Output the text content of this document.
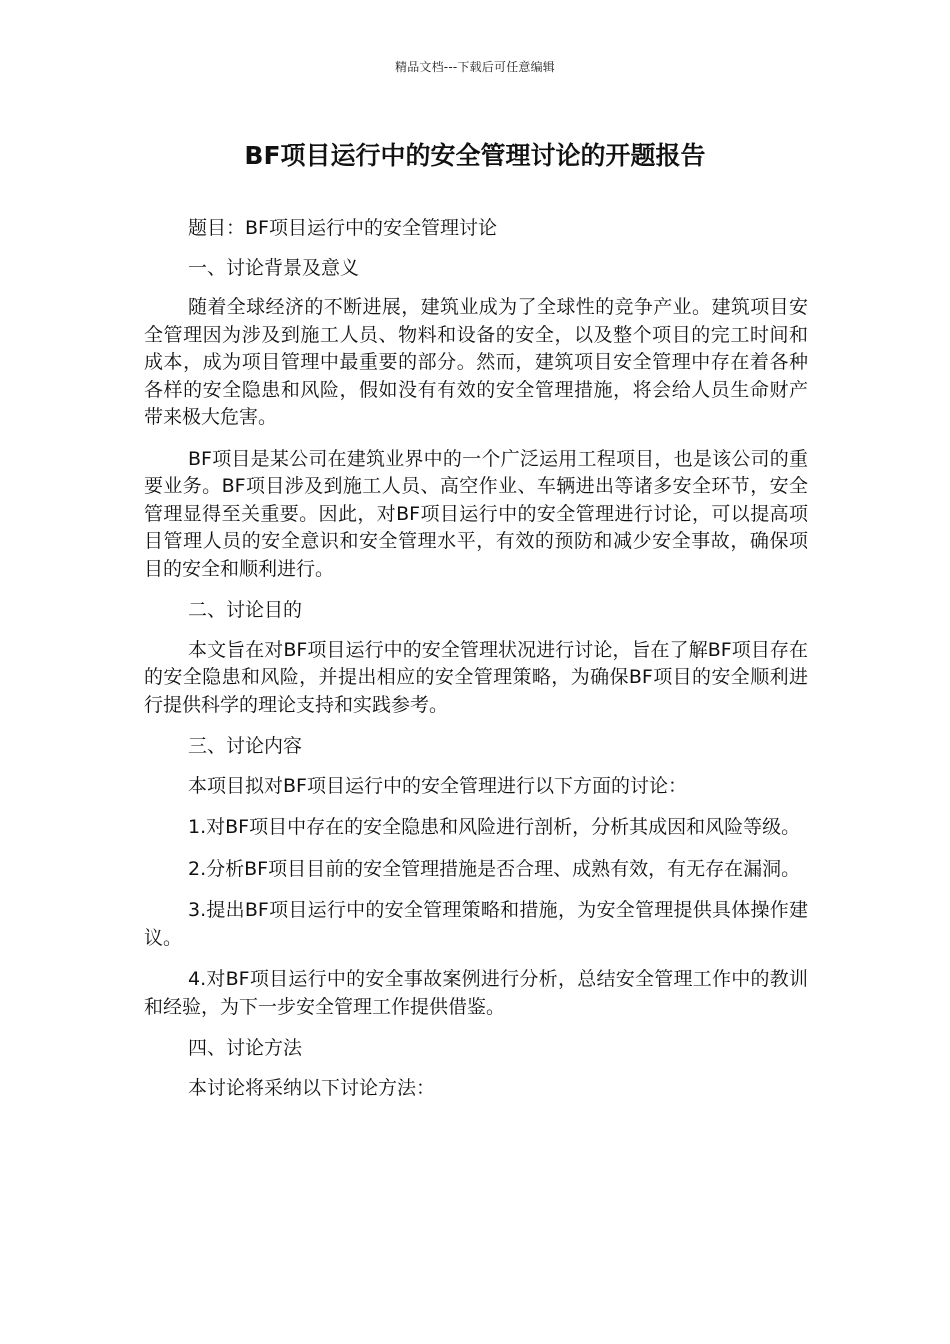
精品文档---下载后可任意编辑
BF项目运行中的安全管理讨论的开题报告

题目：BF项目运行中的安全管理讨论

一、讨论背景及意义

随着全球经济的不断进展，建筑业成为了全球性的竞争产业。建筑项目安全管理因为涉及到施工人员、物料和设备的安全，以及整个项目的完工时间和成本，成为项目管理中最重要的部分。然而，建筑项目安全管理中存在着各种各样的安全隐患和风险，假如没有有效的安全管理措施，将会给人员生命财产带来极大危害。

BF项目是某公司在建筑业界中的一个广泛运用工程项目，也是该公司的重要业务。BF项目涉及到施工人员、高空作业、车辆进出等诸多安全环节，安全管理显得至关重要。因此，对BF项目运行中的安全管理进行讨论，可以提高项目管理人员的安全意识和安全管理水平，有效的预防和减少安全事故，确保项目的安全和顺利进行。

二、讨论目的

本文旨在对BF项目运行中的安全管理状况进行讨论，旨在了解BF项目存在的安全隐患和风险，并提出相应的安全管理策略，为确保BF项目的安全顺利进行提供科学的理论支持和实践参考。

三、讨论内容

本项目拟对BF项目运行中的安全管理进行以下方面的讨论：

1.对BF项目中存在的安全隐患和风险进行剖析，分析其成因和风险等级。

2.分析BF项目目前的安全管理措施是否合理、成熟有效，有无存在漏洞。

3.提出BF项目运行中的安全管理策略和措施，为安全管理提供具体操作建议。

4.对BF项目运行中的安全事故案例进行分析，总结安全管理工作中的教训和经验，为下一步安全管理工作提供借鉴。

四、讨论方法

本讨论将采纳以下讨论方法：
